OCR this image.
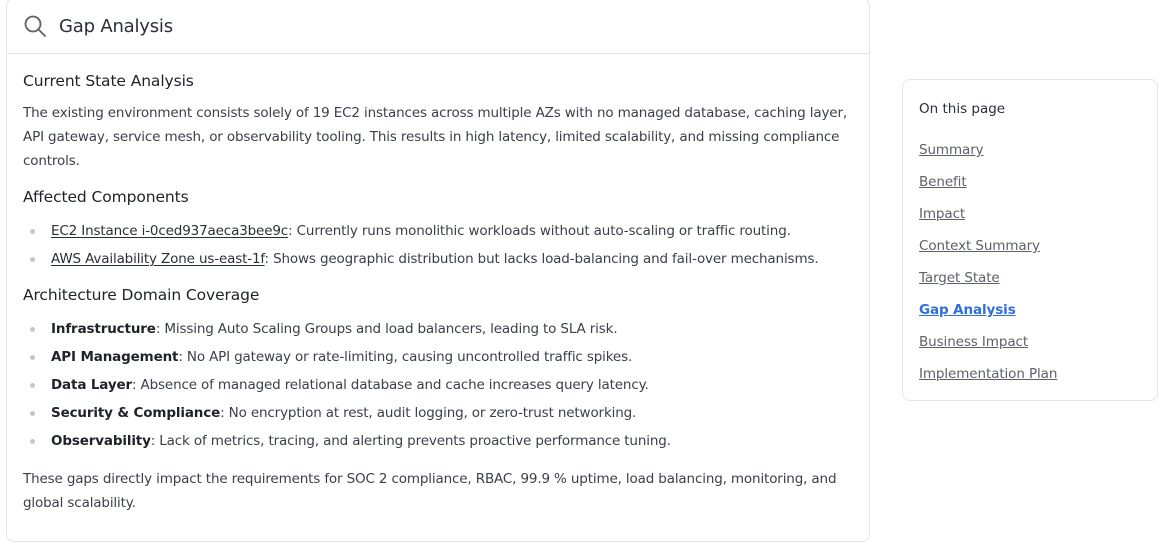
Gap Analysis
Current State Analysis

The existing environment consists solely of 19 EC2 instances across multiple AZs with no managed database, caching layer, API gateway, service mesh, or observability tooling. This results in high latency, limited scalability, and missing compliance controls.

Affected Components
EC2 Instance i-0ced937aeca3bee9c: Currently runs monolithic workloads without auto-scaling or traffic routing.
AWS Availability Zone us-east-1f: Shows geographic distribution but lacks load-balancing and fail-over mechanisms.
Architecture Domain Coverage
Infrastructure: Missing Auto Scaling Groups and load balancers, leading to SLA risk.
API Management: No API gateway or rate-limiting, causing uncontrolled traffic spikes.
Data Layer: Absence of managed relational database and cache increases query latency.
Security & Compliance: No encryption at rest, audit logging, or zero-trust networking.
Observability: Lack of metrics, tracing, and alerting prevents proactive performance tuning.

These gaps directly impact the requirements for SOC 2 compliance, RBAC, 99.9 % uptime, load balancing, monitoring, and global scalability.

On this page
Summary
Benefit
Impact
Context Summary
Target State
Gap Analysis
Business Impact
Implementation Plan
